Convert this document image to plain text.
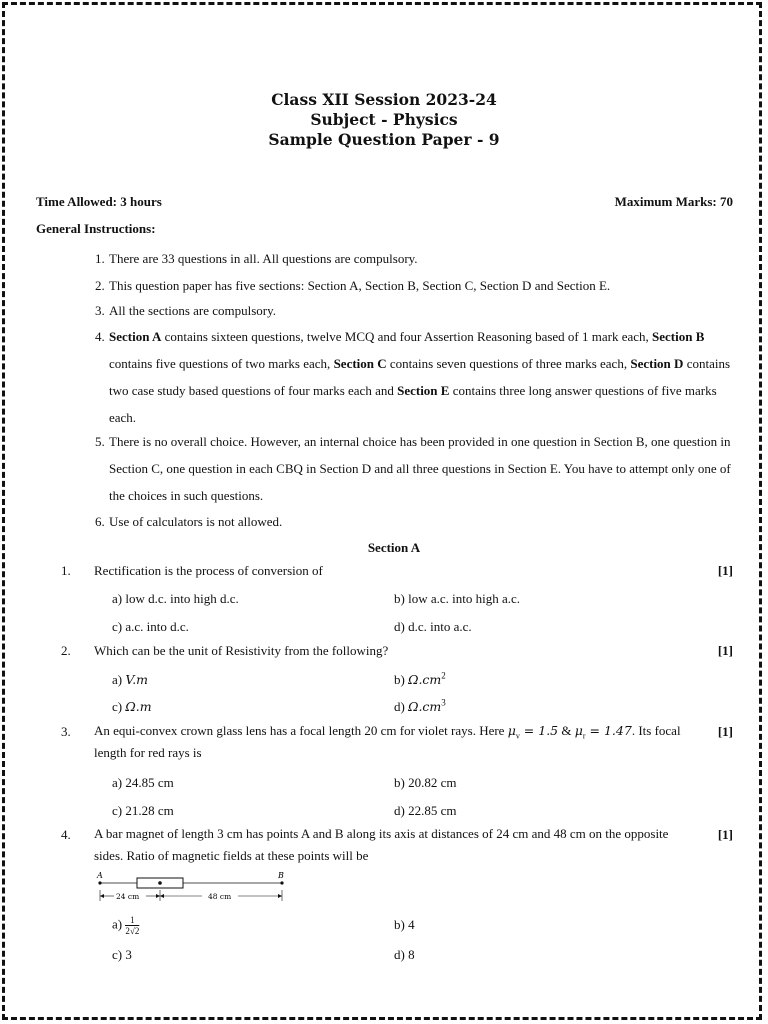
Class XII Session 2023-24
Subject - Physics
Sample Question Paper - 9
Time Allowed: 3 hours	Maximum Marks: 70
General Instructions:
1. There are 33 questions in all. All questions are compulsory.
2. This question paper has five sections: Section A, Section B, Section C, Section D and Section E.
3. All the sections are compulsory.
4. Section A contains sixteen questions, twelve MCQ and four Assertion Reasoning based of 1 mark each, Section B contains five questions of two marks each, Section C contains seven questions of three marks each, Section D contains two case study based questions of four marks each and Section E contains three long answer questions of five marks each.
5. There is no overall choice. However, an internal choice has been provided in one question in Section B, one question in Section C, one question in each CBQ in Section D and all three questions in Section E. You have to attempt only one of the choices in such questions.
6. Use of calculators is not allowed.
Section A
1. Rectification is the process of conversion of	[1]
a) low d.c. into high d.c.	b) low a.c. into high a.c.
c) a.c. into d.c.	d) d.c. into a.c.
2. Which can be the unit of Resistivity from the following?	[1]
a) V.m	b) $\Omega.cm^2$
c) Ω.m	d) $\Omega.cm^3$
3. An equi-convex crown glass lens has a focal length 20 cm for violet rays. Here $\mu_v = 1.5$ & $\mu_r = 1.47$. Its focal length for red rays is
[1]
a) 24.85 cm	b) 20.82 cm
c) 21.28 cm	d) 22.85 cm
4. A bar magnet of length 3 cm has points A and B along its axis at distances of 24 cm and 48 cm on the opposite sides. Ratio of magnetic fields at these points will be
[1]
A	B
24 cm	48 cm
$a) \frac{1}{2√2}$	b) 4
c) 3	d) 8
